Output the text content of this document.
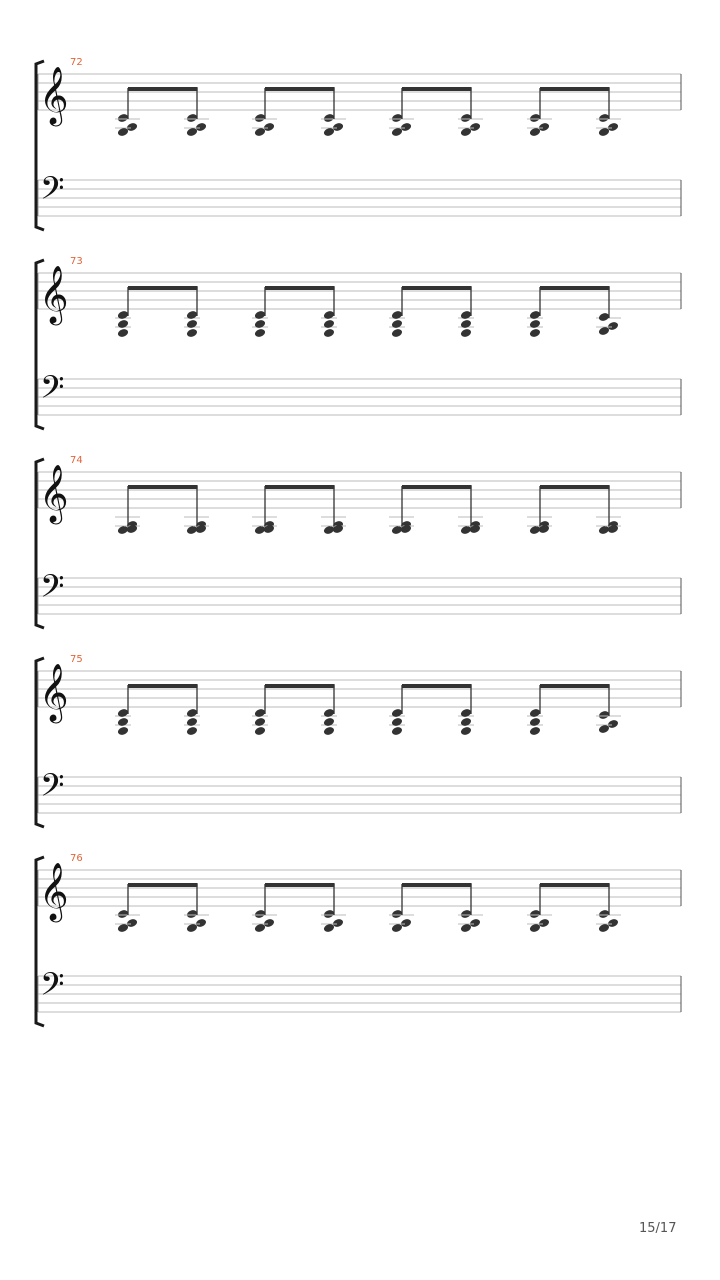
72
𝄞
𝄢
73
𝄞
𝄢
74
𝄞
𝄢
75
𝄞
𝄢
76
𝄞
𝄢
15/17
